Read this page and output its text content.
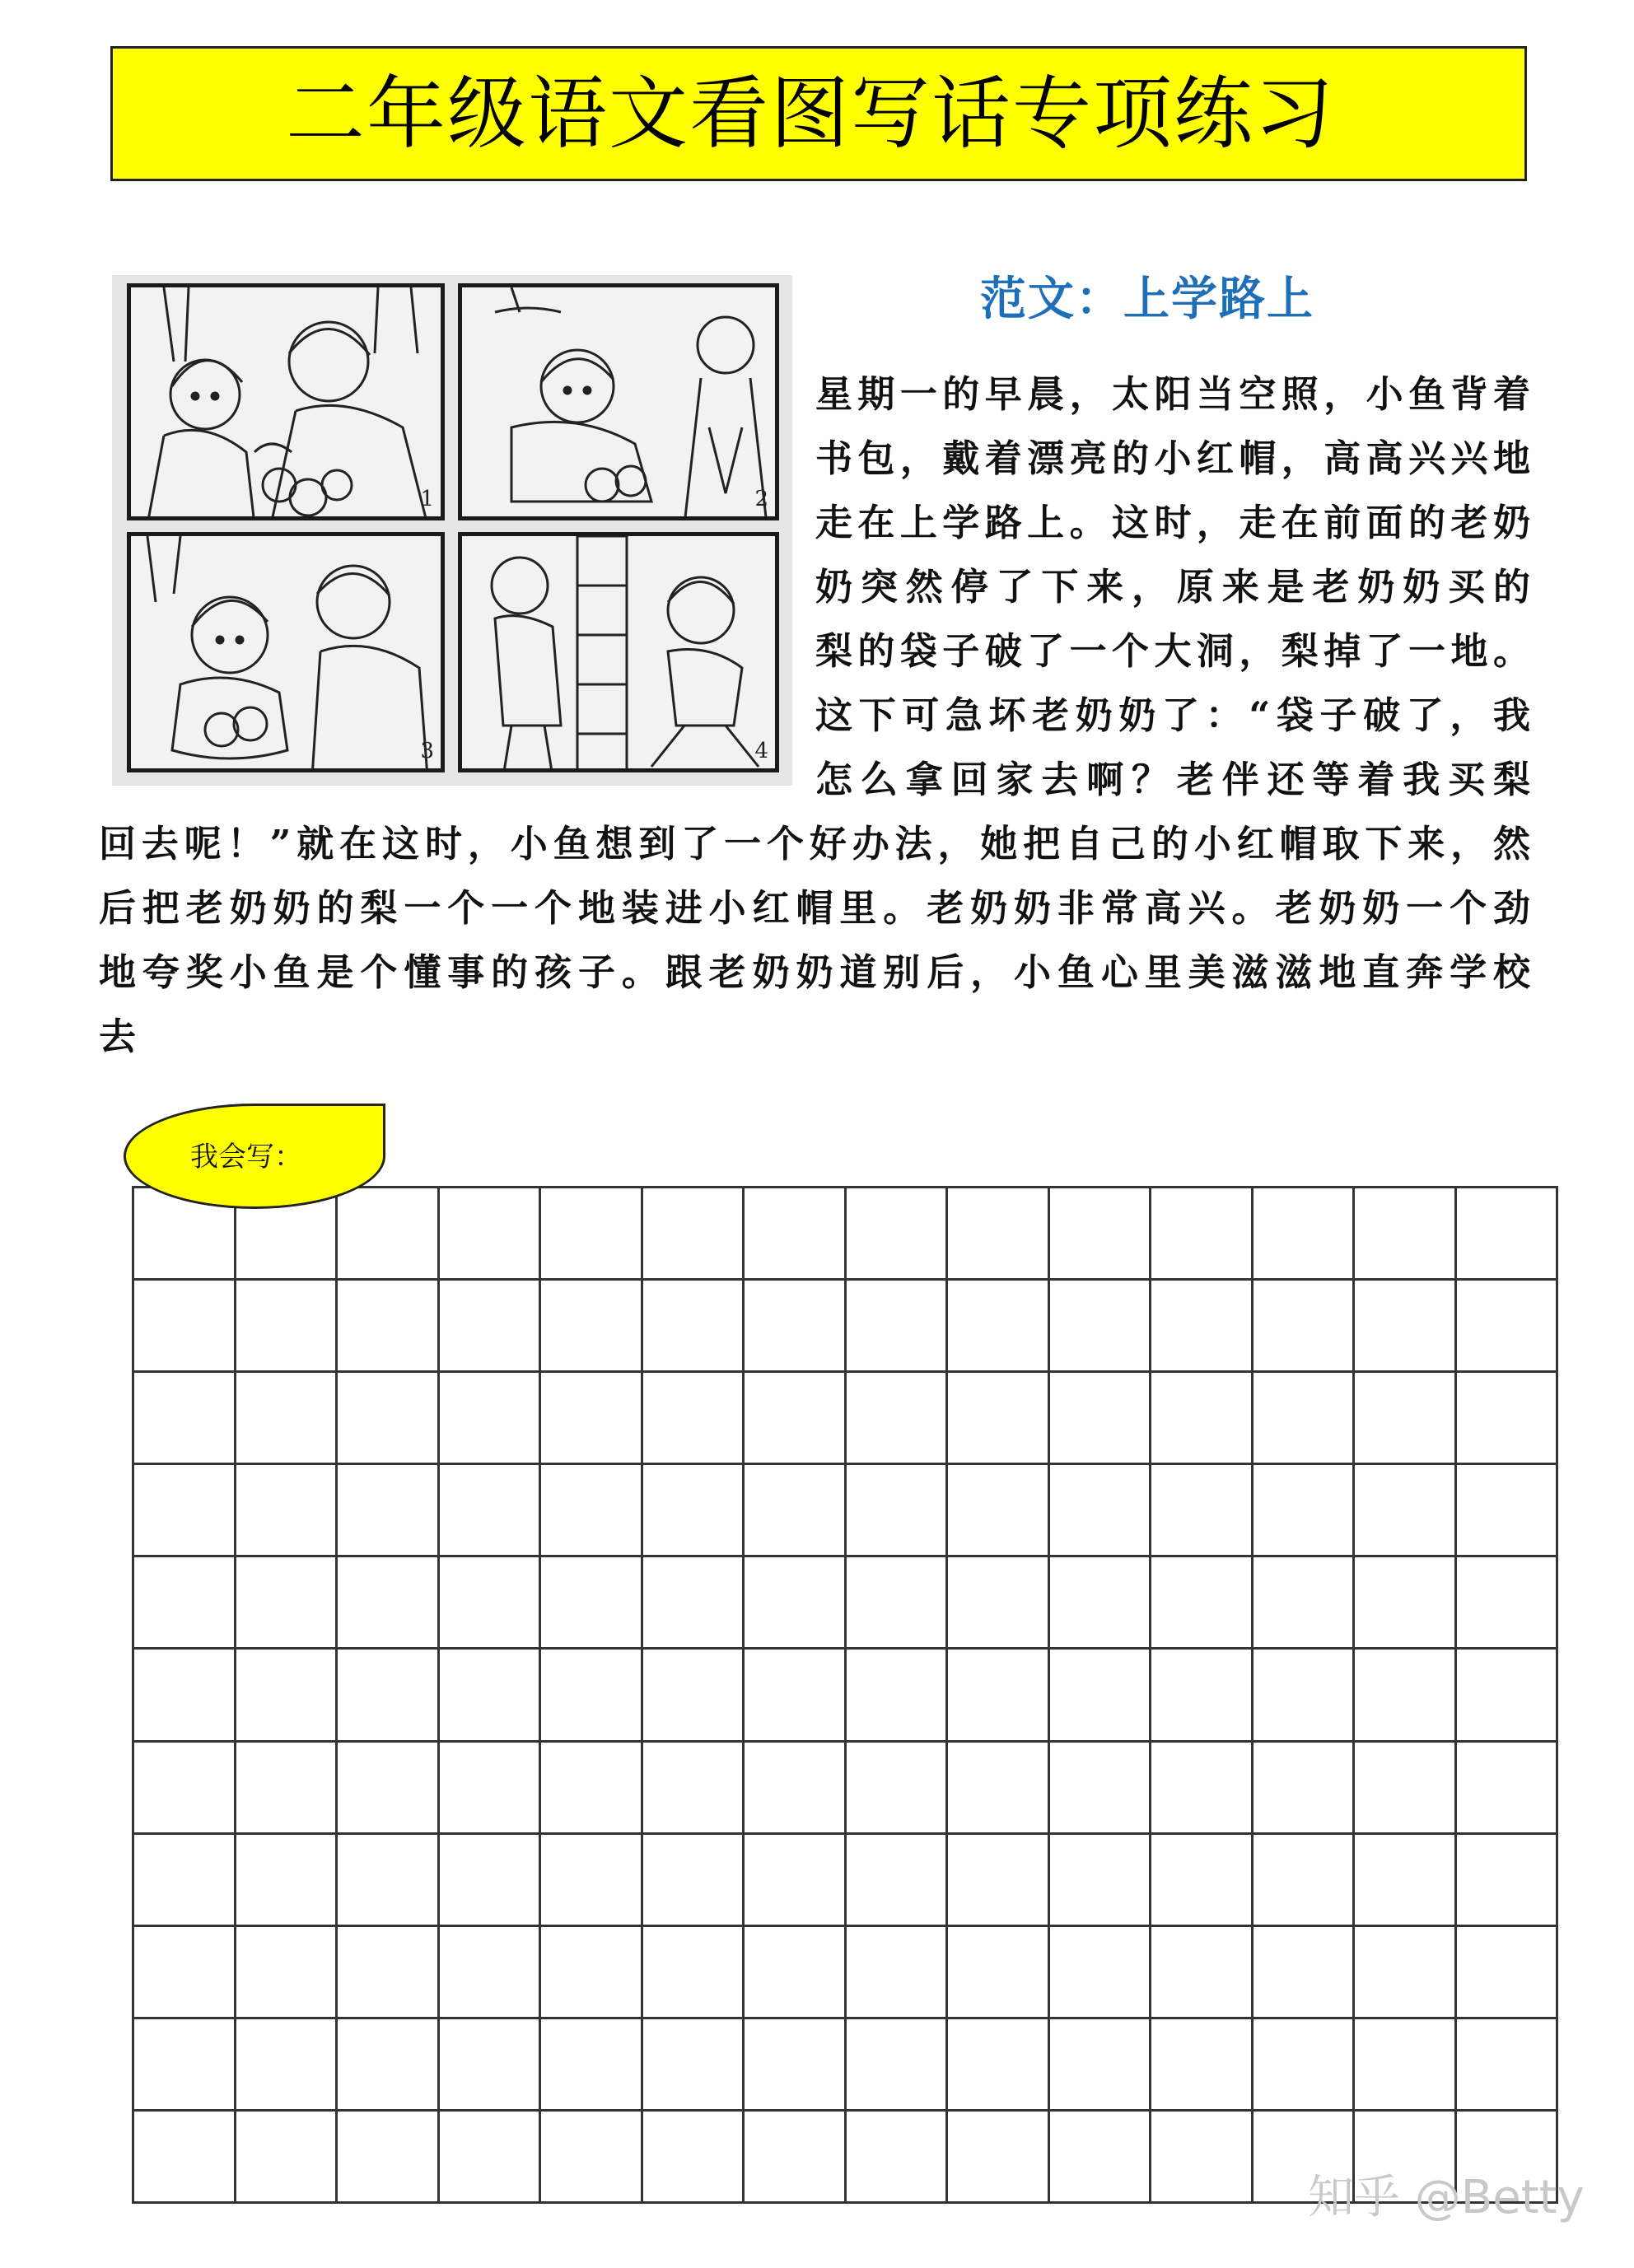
二年级语文看图写话专项练习
1	2
3	4
范文：上学路上
星期一的早晨，太阳当空照，小鱼背着
书包，戴着漂亮的小红帽，高高兴兴地
走在上学路上。这时，走在前面的老奶
奶突然停了下来，原来是老奶奶买的
梨的袋子破了一个大洞，梨掉了一地。
这下可急坏老奶奶了：“袋子破了，我
怎么拿回家去啊？老伴还等着我买梨
回去呢！”就在这时，小鱼想到了一个好办法，她把自己的小红帽取下来，然
后把老奶奶的梨一个一个地装进小红帽里。老奶奶非常高兴。老奶奶一个劲
地夸奖小鱼是个懂事的孩子。跟老奶奶道别后，小鱼心里美滋滋地直奔学校
去
我会写：
知乎 @Betty
